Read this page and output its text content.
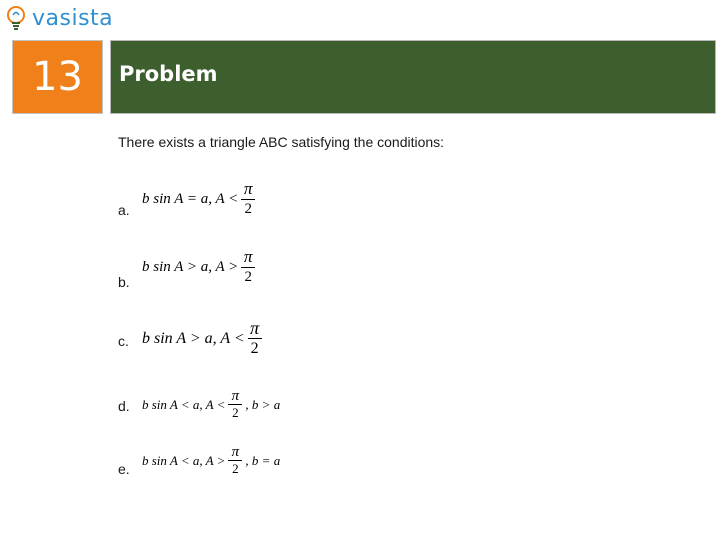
vasista
13 Problem
There exists a triangle ABC satisfying the conditions:
a.
b sin A = a, A <
π
2
b.
b sin A > a, A >
π
2
c. b sin A > a, A <
π
2
d. b sin A < a, A <
π
2
, b > a
e.
b sin A < a, A >
π
2
, b = a
